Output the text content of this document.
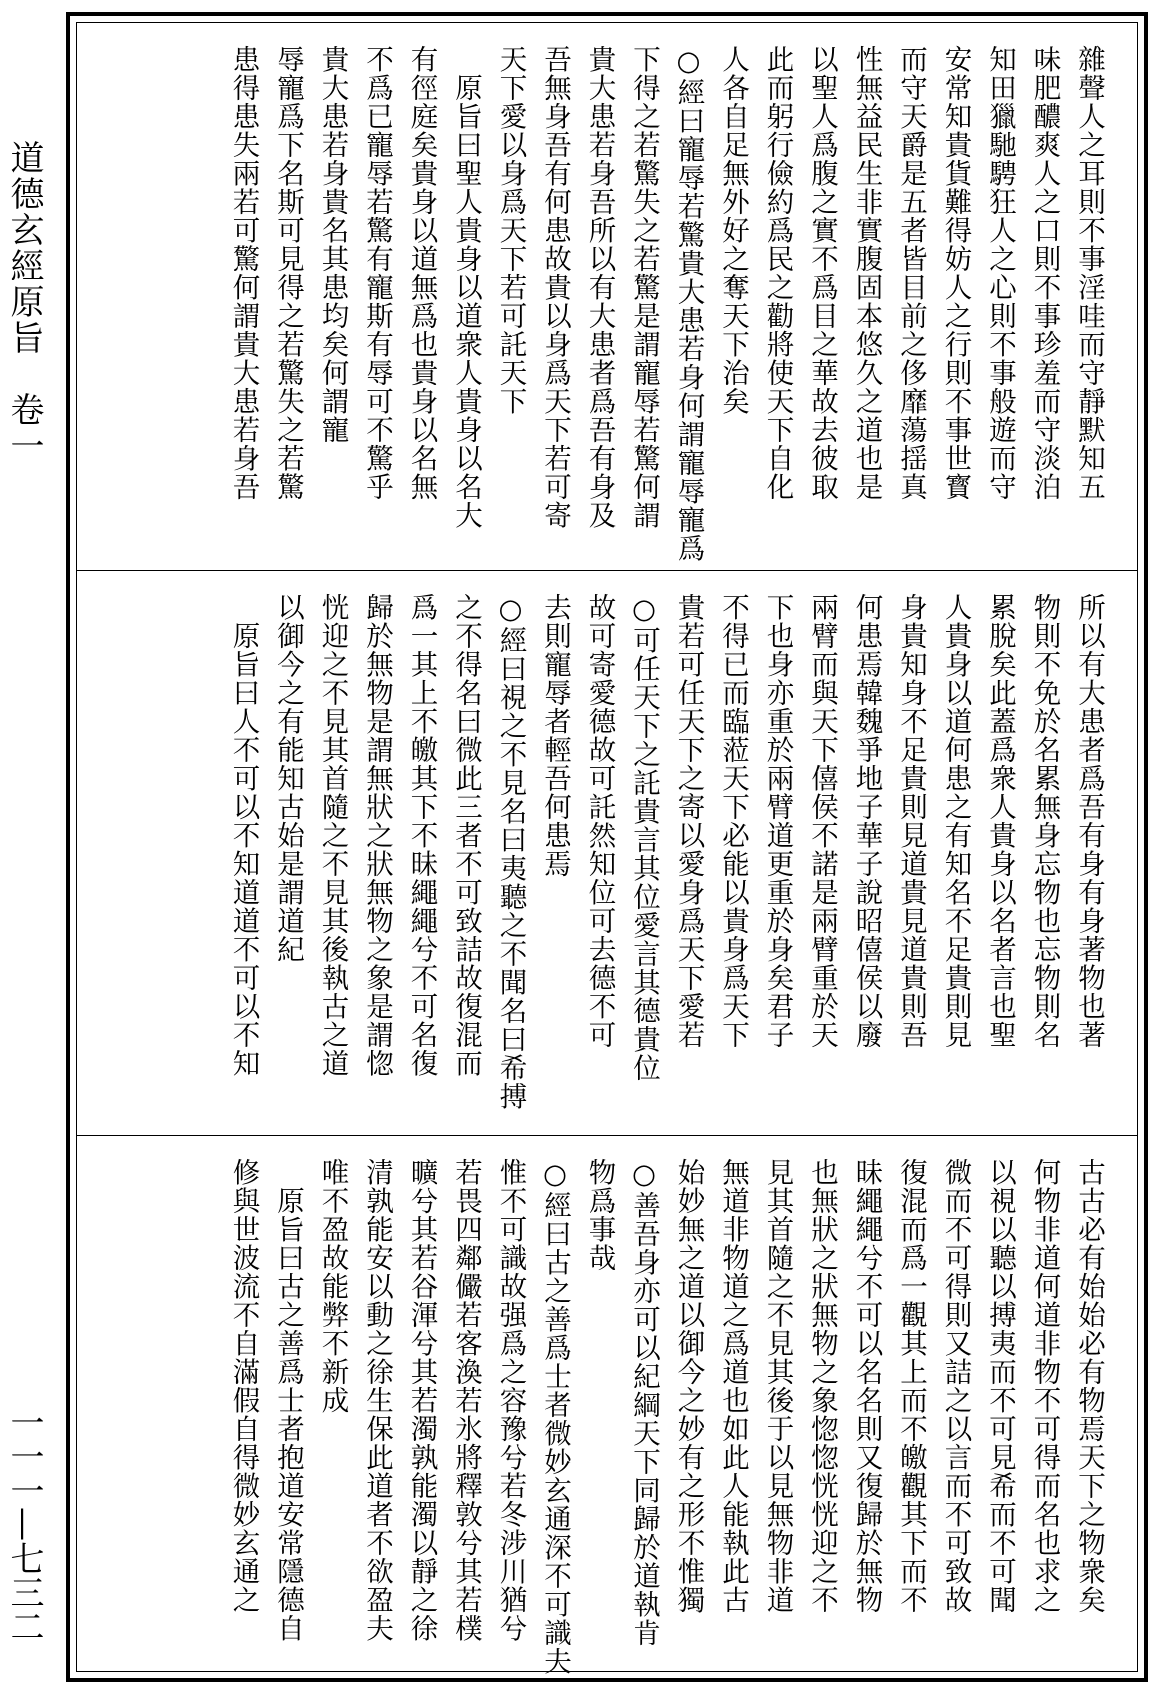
道德玄經原旨　卷一
一一一—七三二
雜聲人之耳則不事淫哇而守靜默知五
味肥醲爽人之口則不事珍羞而守淡泊
知田獵馳騁狂人之心則不事般遊而守
安常知貴貨難得妨人之行則不事世寳
而守天爵是五者皆目前之侈靡蕩揺真
性無益民生非實腹固本悠久之道也是
以聖人爲腹之實不爲目之華故去彼取
此而躬行儉約爲民之勸將使天下自化
人各自足無外好之奪天下治矣
○經曰寵辱若驚貴大患若身何謂寵辱寵爲
下得之若驚失之若驚是謂寵辱若驚何謂
貴大患若身吾所以有大患者爲吾有身及
吾無身吾有何患故貴以身爲天下若可寄
天下愛以身爲天下若可託天下
　原旨曰聖人貴身以道衆人貴身以名大
有徑庭矣貴身以道無爲也貴身以名無
不爲已寵辱若驚有寵斯有辱可不驚乎
貴大患若身貴名其患均矣何謂寵
辱寵爲下名斯可見得之若驚失之若驚
患得患失兩若可驚何謂貴大患若身吾
所以有大患者爲吾有身有身著物也著
物則不免於名累無身忘物也忘物則名
累脫矣此蓋爲衆人貴身以名者言也聖
人貴身以道何患之有知名不足貴則見
身貴知身不足貴則見道貴見道貴則吾
何患焉韓魏爭地子華子說昭僖侯以廢
兩臂而與天下僖侯不諾是兩臂重於天
下也身亦重於兩臂道更重於身矣君子
不得已而臨蒞天下必能以貴身爲天下
貴若可任天下之寄以愛身爲天下愛若
○可任天下之託貴言其位愛言其德貴位
故可寄愛德故可託然知位可去德不可
去則寵辱者輕吾何患焉
○經曰視之不見名曰夷聽之不聞名曰希搏
之不得名曰微此三者不可致詰故復混而
爲一其上不皦其下不昧繩繩兮不可名復
歸於無物是謂無狀之狀無物之象是謂惚
恍迎之不見其首隨之不見其後執古之道
以御今之有能知古始是謂道紀
　原旨曰人不可以不知道道不可以不知
古古必有始始必有物焉天下之物衆矣
何物非道何道非物不可得而名也求之
以視以聽以搏夷而不可見希而不可聞
微而不可得則又詰之以言而不可致故
復混而爲一觀其上而不皦觀其下而不
昧繩繩兮不可以名名則又復歸於無物
也無狀之狀無物之象惚惚恍恍迎之不
見其首隨之不見其後于以見無物非道
無道非物道之爲道也如此人能執此古
始妙無之道以御今之妙有之形不惟獨
○善吾身亦可以紀綱天下同歸於道執肯
物爲事哉
○經曰古之善爲士者微妙玄通深不可識夫
惟不可識故强爲之容豫兮若冬涉川猶兮
若畏四鄰儼若客渙若氷將釋敦兮其若樸
曠兮其若谷渾兮其若濁孰能濁以靜之徐
清孰能安以動之徐生保此道者不欲盈夫
唯不盈故能弊不新成
　原旨曰古之善爲士者抱道安常隱德自
修與世波流不自滿假自得微妙玄通之
